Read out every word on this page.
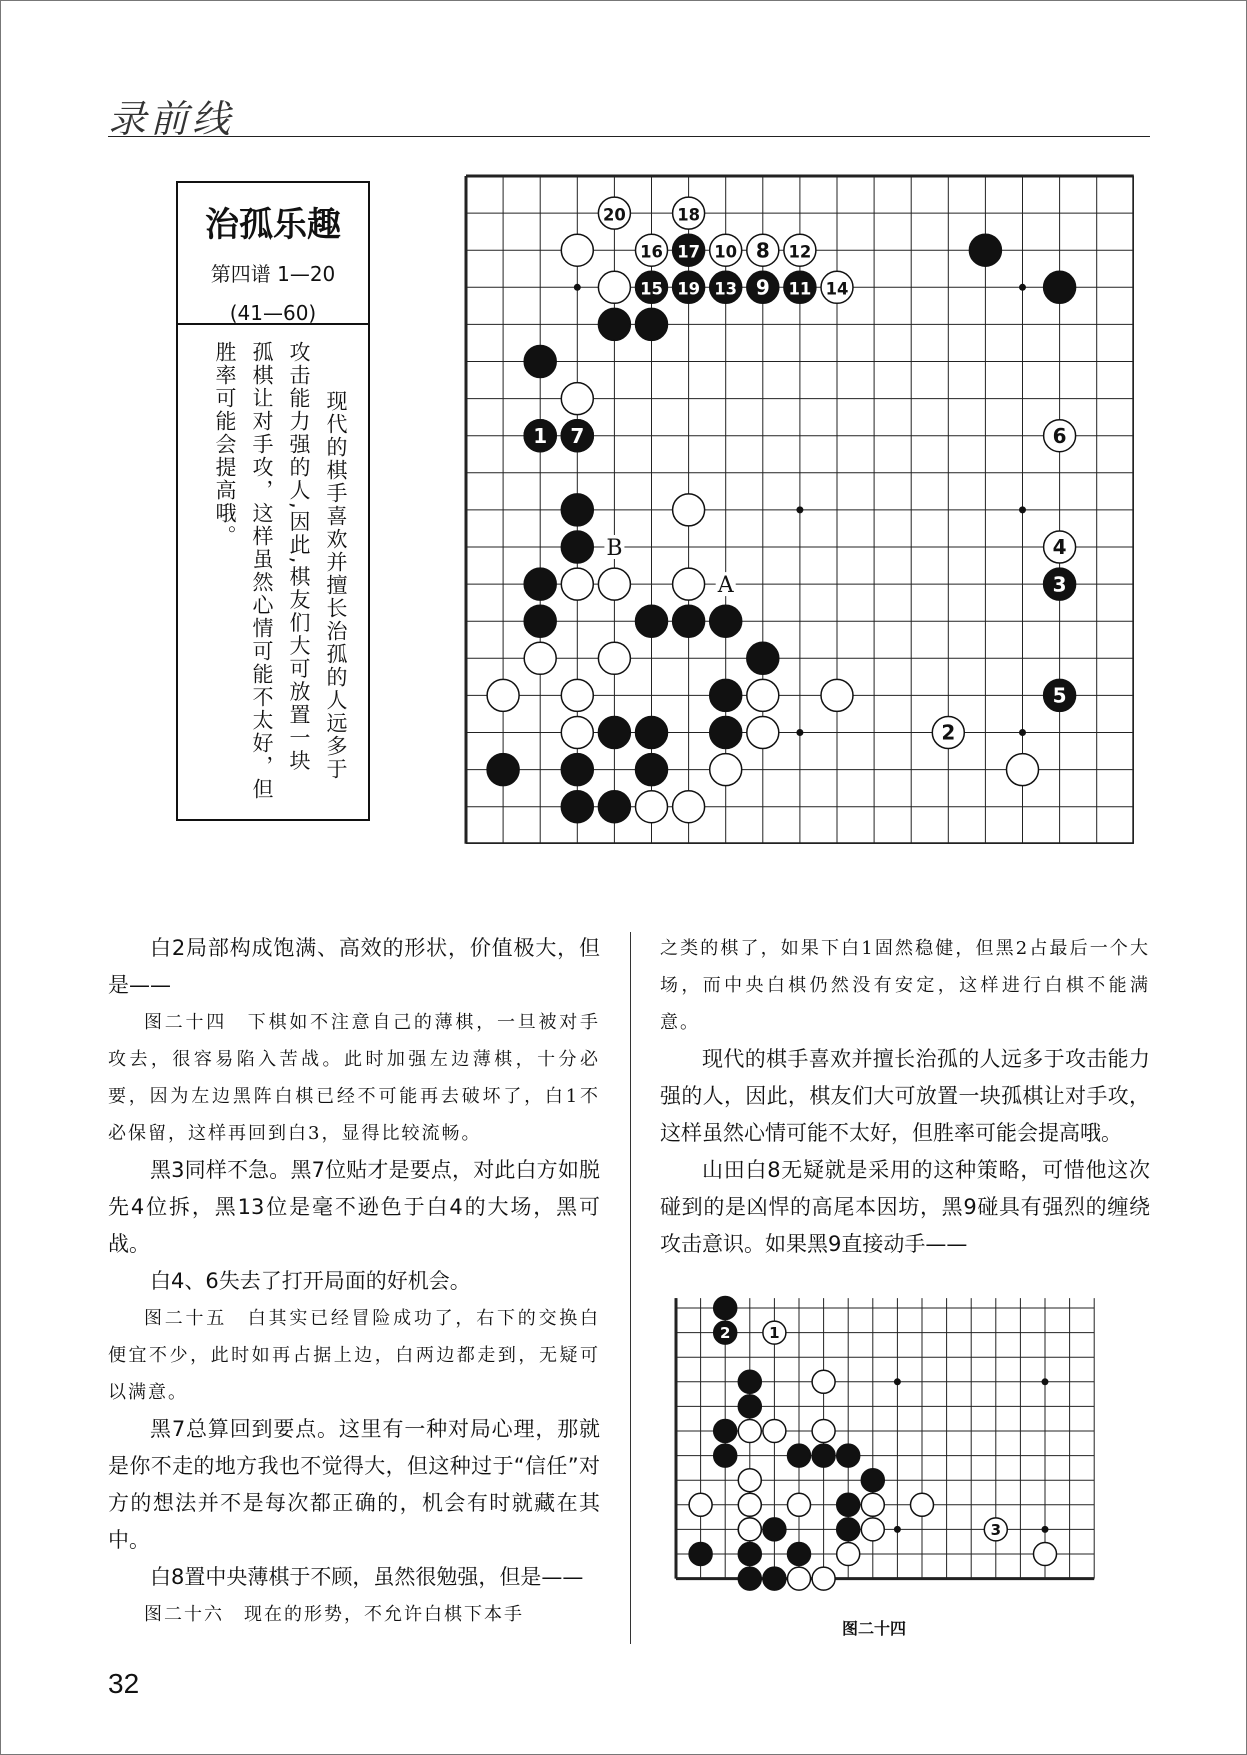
录前线
治孤乐趣
第四谱 1—20
(41—60)
现代的棋手喜欢并擅长治孤的人远多于
攻击能力强的人,因此,棋友们大可放置一块
孤棋让对手攻，这样虽然心情可能不太好，但
胜率可能会提高哦。
15 19 13 9 11
17
1 7
3
5
20	18
16	10 8 12
14
6
4
2
B
A

白2局部构成饱满、高效的形状，价值极大，但是——

图二十四　下棋如不注意自己的薄棋，一旦被对手攻去，很容易陷入苦战。此时加强左边薄棋，十分必要，因为左边黑阵白棋已经不可能再去破坏了，白1不必保留，这样再回到白3，显得比较流畅。

黑3同样不急。黑7位贴才是要点，对此白方如脱先4位拆，黑13位是毫不逊色于白4的大场，黑可战。

白4、6失去了打开局面的好机会。

图二十五　白其实已经冒险成功了，右下的交换白便宜不少，此时如再占据上边，白两边都走到，无疑可以满意。

黑7总算回到要点。这里有一种对局心理，那就是你不走的地方我也不觉得大，但这种过于“信任”对方的想法并不是每次都正确的，机会有时就藏在其中。

白8置中央薄棋于不顾，虽然很勉强，但是——

图二十六　现在的形势，不允许白棋下本手

之类的棋了，如果下白1固然稳健，但黑2占最后一个大场，而中央白棋仍然没有安定，这样进行白棋不能满意。

现代的棋手喜欢并擅长治孤的人远多于攻击能力强的人，因此，棋友们大可放置一块孤棋让对手攻，这样虽然心情可能不太好，但胜率可能会提高哦。

山田白8无疑就是采用的这种策略，可惜他这次碰到的是凶悍的高尾本因坊，黑9碰具有强烈的缠绕攻击意识。如果黑9直接动手——

2	1
3
图二十四
32
